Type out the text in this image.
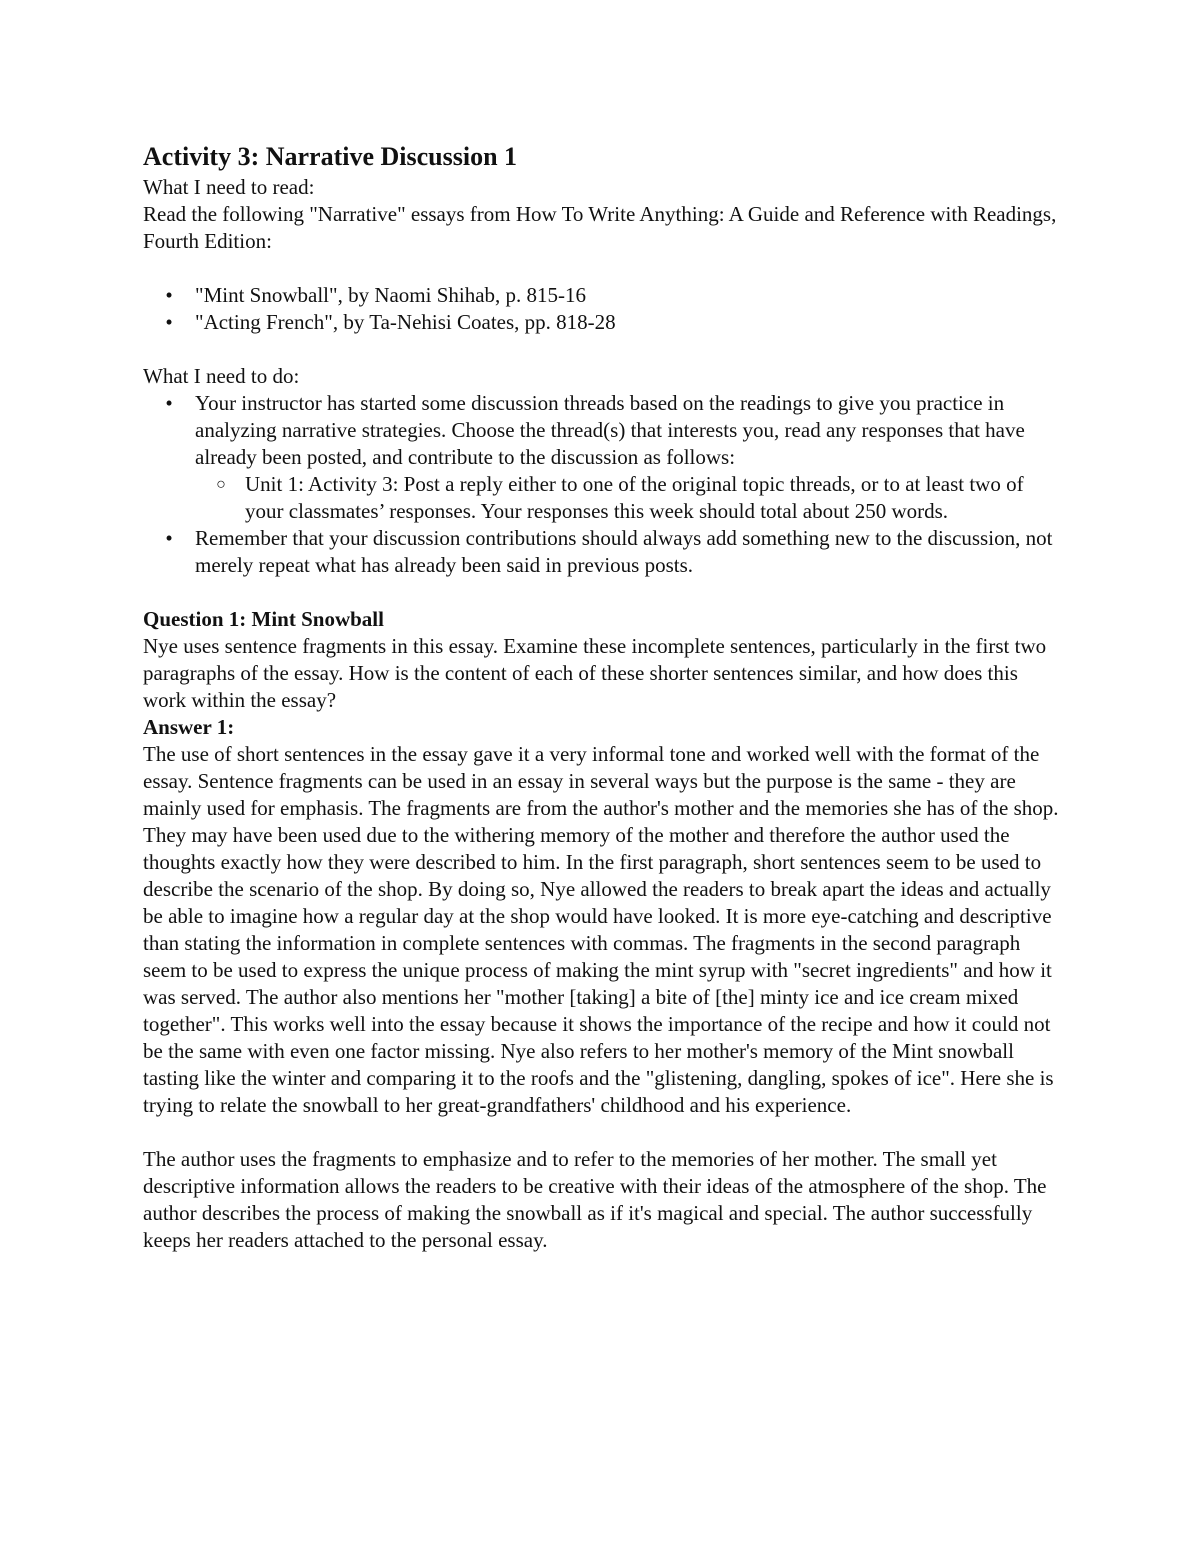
Activity 3: Narrative Discussion 1

What I need to read:

Read the following "Narrative" essays from How To Write Anything: A Guide and Reference with Readings, Fourth Edition:

•	"Mint Snowball", by Naomi Shihab, p. 815-16
•	"Acting French", by Ta-Nehisi Coates, pp. 818-28

What I need to do:

•	Your instructor has started some discussion threads based on the readings to give you practice in analyzing narrative strategies. Choose the thread(s) that interests you, read any responses that have already been posted, and contribute to the discussion as follows:
○ Unit 1: Activity 3: Post a reply either to one of the original topic threads, or to at least two of your classmates’ responses. Your responses this week should total about 250 words.
•	Remember that your discussion contributions should always add something new to the discussion, not merely repeat what has already been said in previous posts.

Question 1: Mint Snowball

Nye uses sentence fragments in this essay. Examine these incomplete sentences, particularly in the first two paragraphs of the essay. How is the content of each of these shorter sentences similar, and how does this work within the essay?

Answer 1:

The use of short sentences in the essay gave it a very informal tone and worked well with the format of the essay. Sentence fragments can be used in an essay in several ways but the purpose is the same - they are mainly used for emphasis. The fragments are from the author's mother and the memories she has of the shop. They may have been used due to the withering memory of the mother and therefore the author used the thoughts exactly how they were described to him. In the first paragraph, short sentences seem to be used to describe the scenario of the shop. By doing so, Nye allowed the readers to break apart the ideas and actually be able to imagine how a regular day at the shop would have looked. It is more eye-catching and descriptive than stating the information in complete sentences with commas. The fragments in the second paragraph seem to be used to express the unique process of making the mint syrup with "secret ingredients" and how it was served. The author also mentions her "mother [taking] a bite of [the] minty ice and ice cream mixed together". This works well into the essay because it shows the importance of the recipe and how it could not be the same with even one factor missing. Nye also refers to her mother's memory of the Mint snowball tasting like the winter and comparing it to the roofs and the "glistening, dangling, spokes of ice". Here she is trying to relate the snowball to her great-grandfathers' childhood and his experience.

The author uses the fragments to emphasize and to refer to the memories of her mother. The small yet descriptive information allows the readers to be creative with their ideas of the atmosphere of the shop. The author describes the process of making the snowball as if it's magical and special. The author successfully keeps her readers attached to the personal essay.
